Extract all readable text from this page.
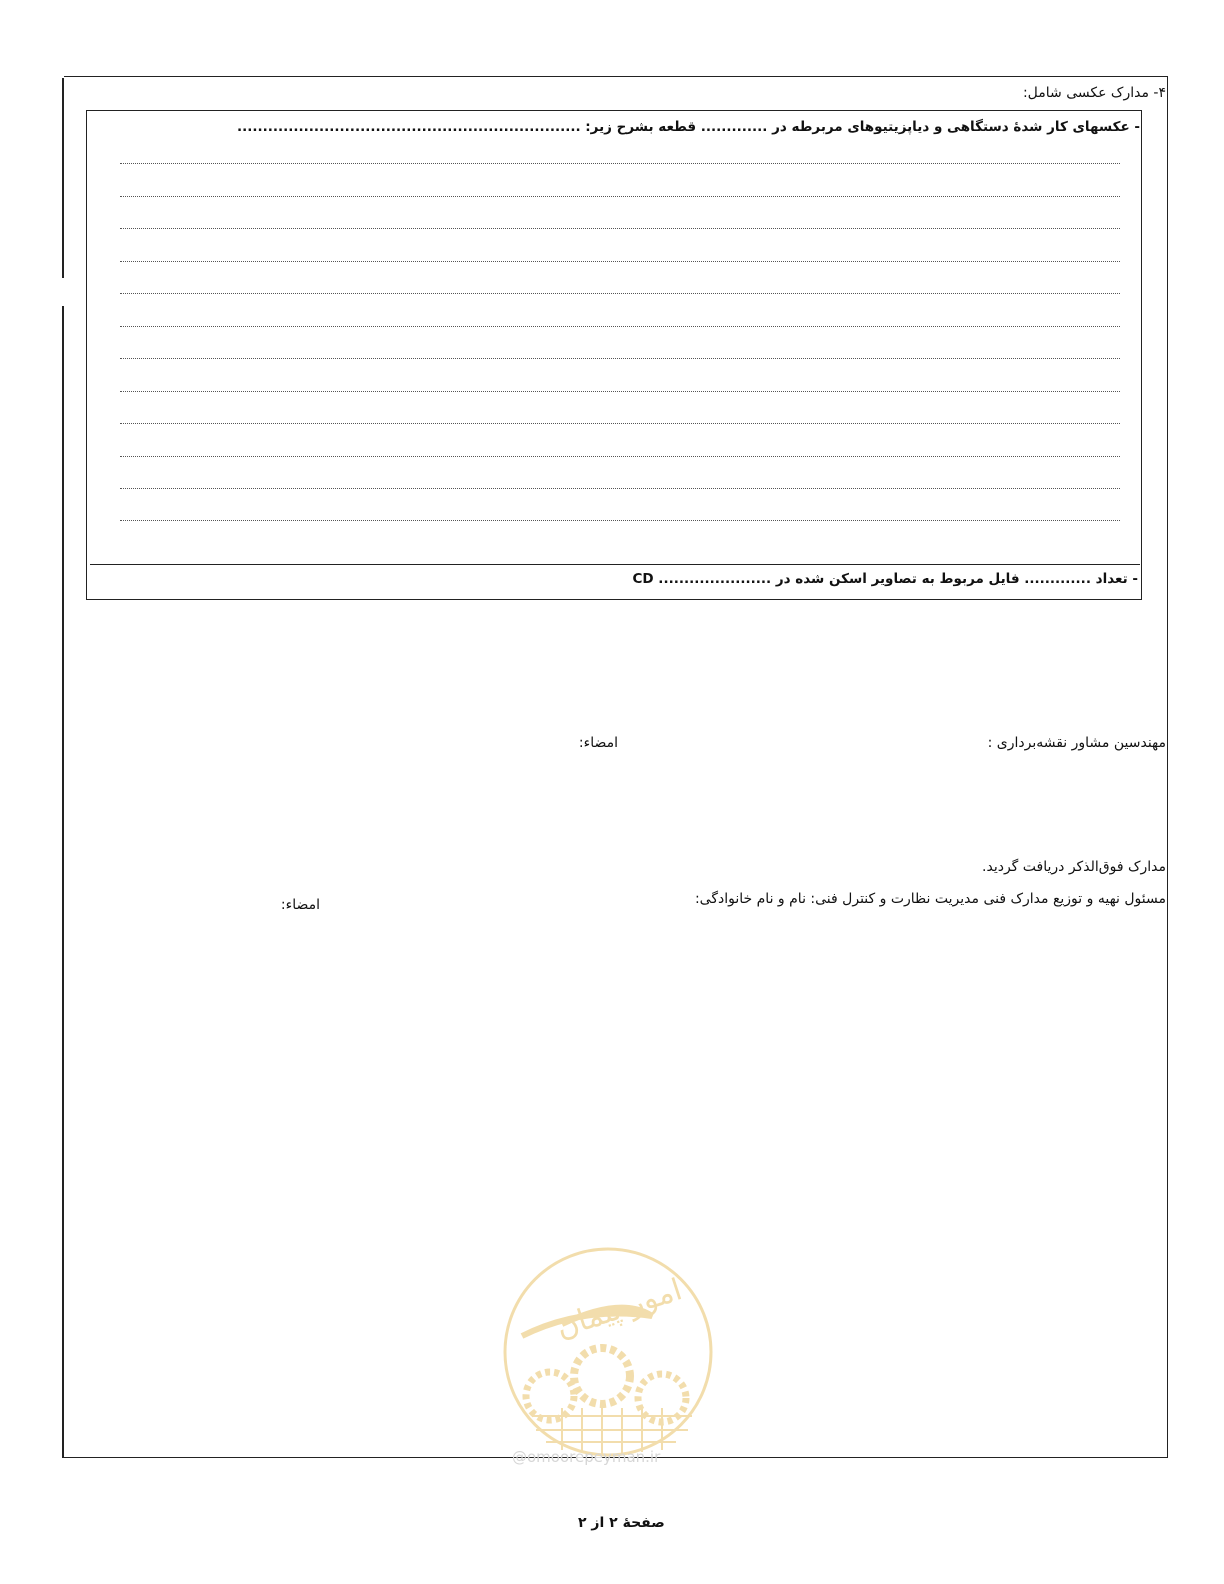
۴- مدارک عکسی شامل:
- عکسهای کار شدهٔ دستگاهی و دیاپزیتیوهای مربرطه در ............. قطعه بشرح زیر: ...................................................................
- تعداد ............. فایل مربوط به تصاویر اسکن شده در ...................... CD
مهندسین مشاور نقشه‌برداری :
امضاء:
مدارک فوق‌الذکر دریافت گردید.
مسئول نهیه و توزیع مدارک فنی مدیریت نظارت و کنترل فنی: نام و نام خانوادگی:
امضاء:
امور پیمان
@omoorepeyman.ir
صفحهٔ ۲ از ۲
